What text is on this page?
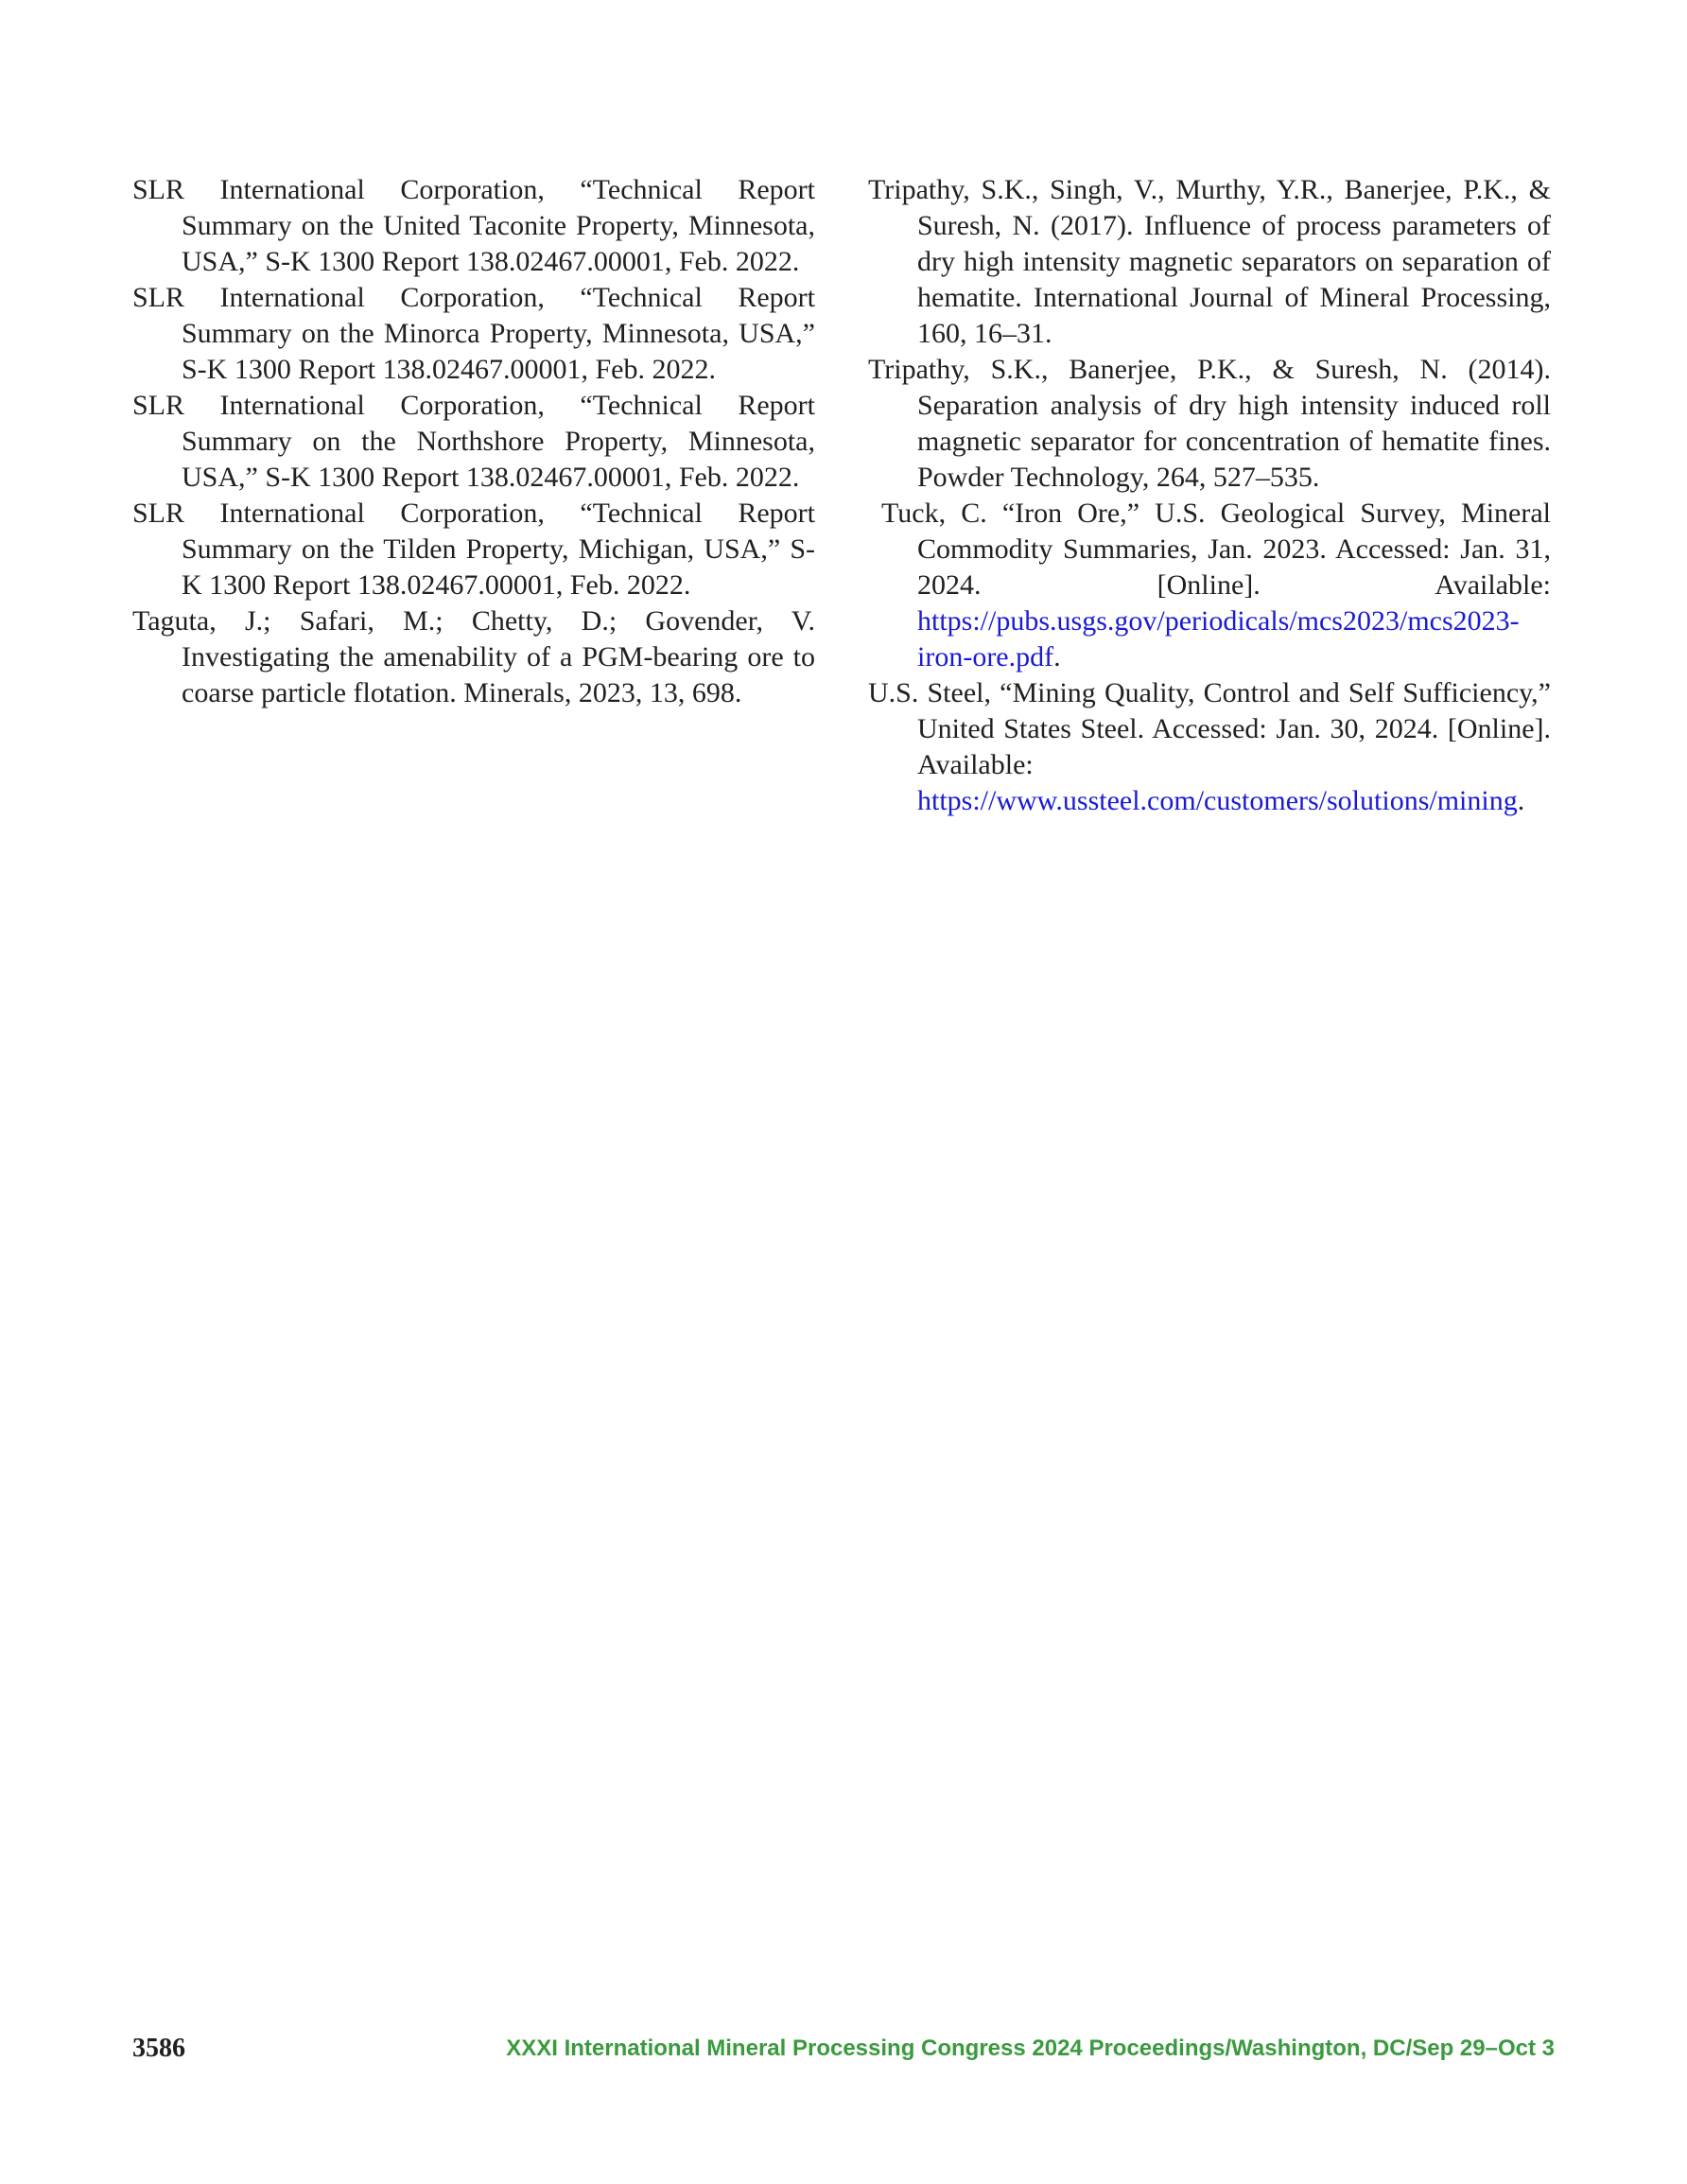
SLR International Corporation, “Technical Report Summary on the United Taconite Property, Minnesota, USA,” S-K 1300 Report 138.02467.00001, Feb. 2022.

SLR International Corporation, “Technical Report Summary on the Minorca Property, Minnesota, USA,” S-K 1300 Report 138.02467.00001, Feb. 2022.

SLR International Corporation, “Technical Report Summary on the Northshore Property, Minnesota, USA,” S-K 1300 Report 138.02467.00001, Feb. 2022.

SLR International Corporation, “Technical Report Summary on the Tilden Property, Michigan, USA,” S-K 1300 Report 138.02467.00001, Feb. 2022.

Taguta, J.; Safari, M.; Chetty, D.; Govender, V. Investigating the amenability of a PGM-bearing ore to coarse particle flotation. Minerals, 2023, 13, 698.

Tripathy, S.K., Singh, V., Murthy, Y.R., Banerjee, P.K., & Suresh, N. (2017). Influence of process parameters of dry high intensity magnetic separators on separation of hematite. International Journal of Mineral Processing, 160, 16–31.

Tripathy, S.K., Banerjee, P.K., & Suresh, N. (2014). Separation analysis of dry high intensity induced roll magnetic separator for concentration of hematite fines. Powder Technology, 264, 527–535.

Tuck, C. “Iron Ore,” U.S. Geological Survey, Mineral Commodity Summaries, Jan. 2023. Accessed: Jan. 31, 2024. [Online]. Available: https://pubs.usgs.gov/periodicals/mcs2023/mcs2023-iron-ore.pdf.

U.S. Steel, “Mining Quality, Control and Self Sufficiency,” United States Steel. Accessed: Jan. 30, 2024. [Online]. Available: https://www.ussteel.com/customers/solutions/mining.

3586	XXXI International Mineral Processing Congress 2024 Proceedings/Washington, DC/Sep 29–Oct 3
